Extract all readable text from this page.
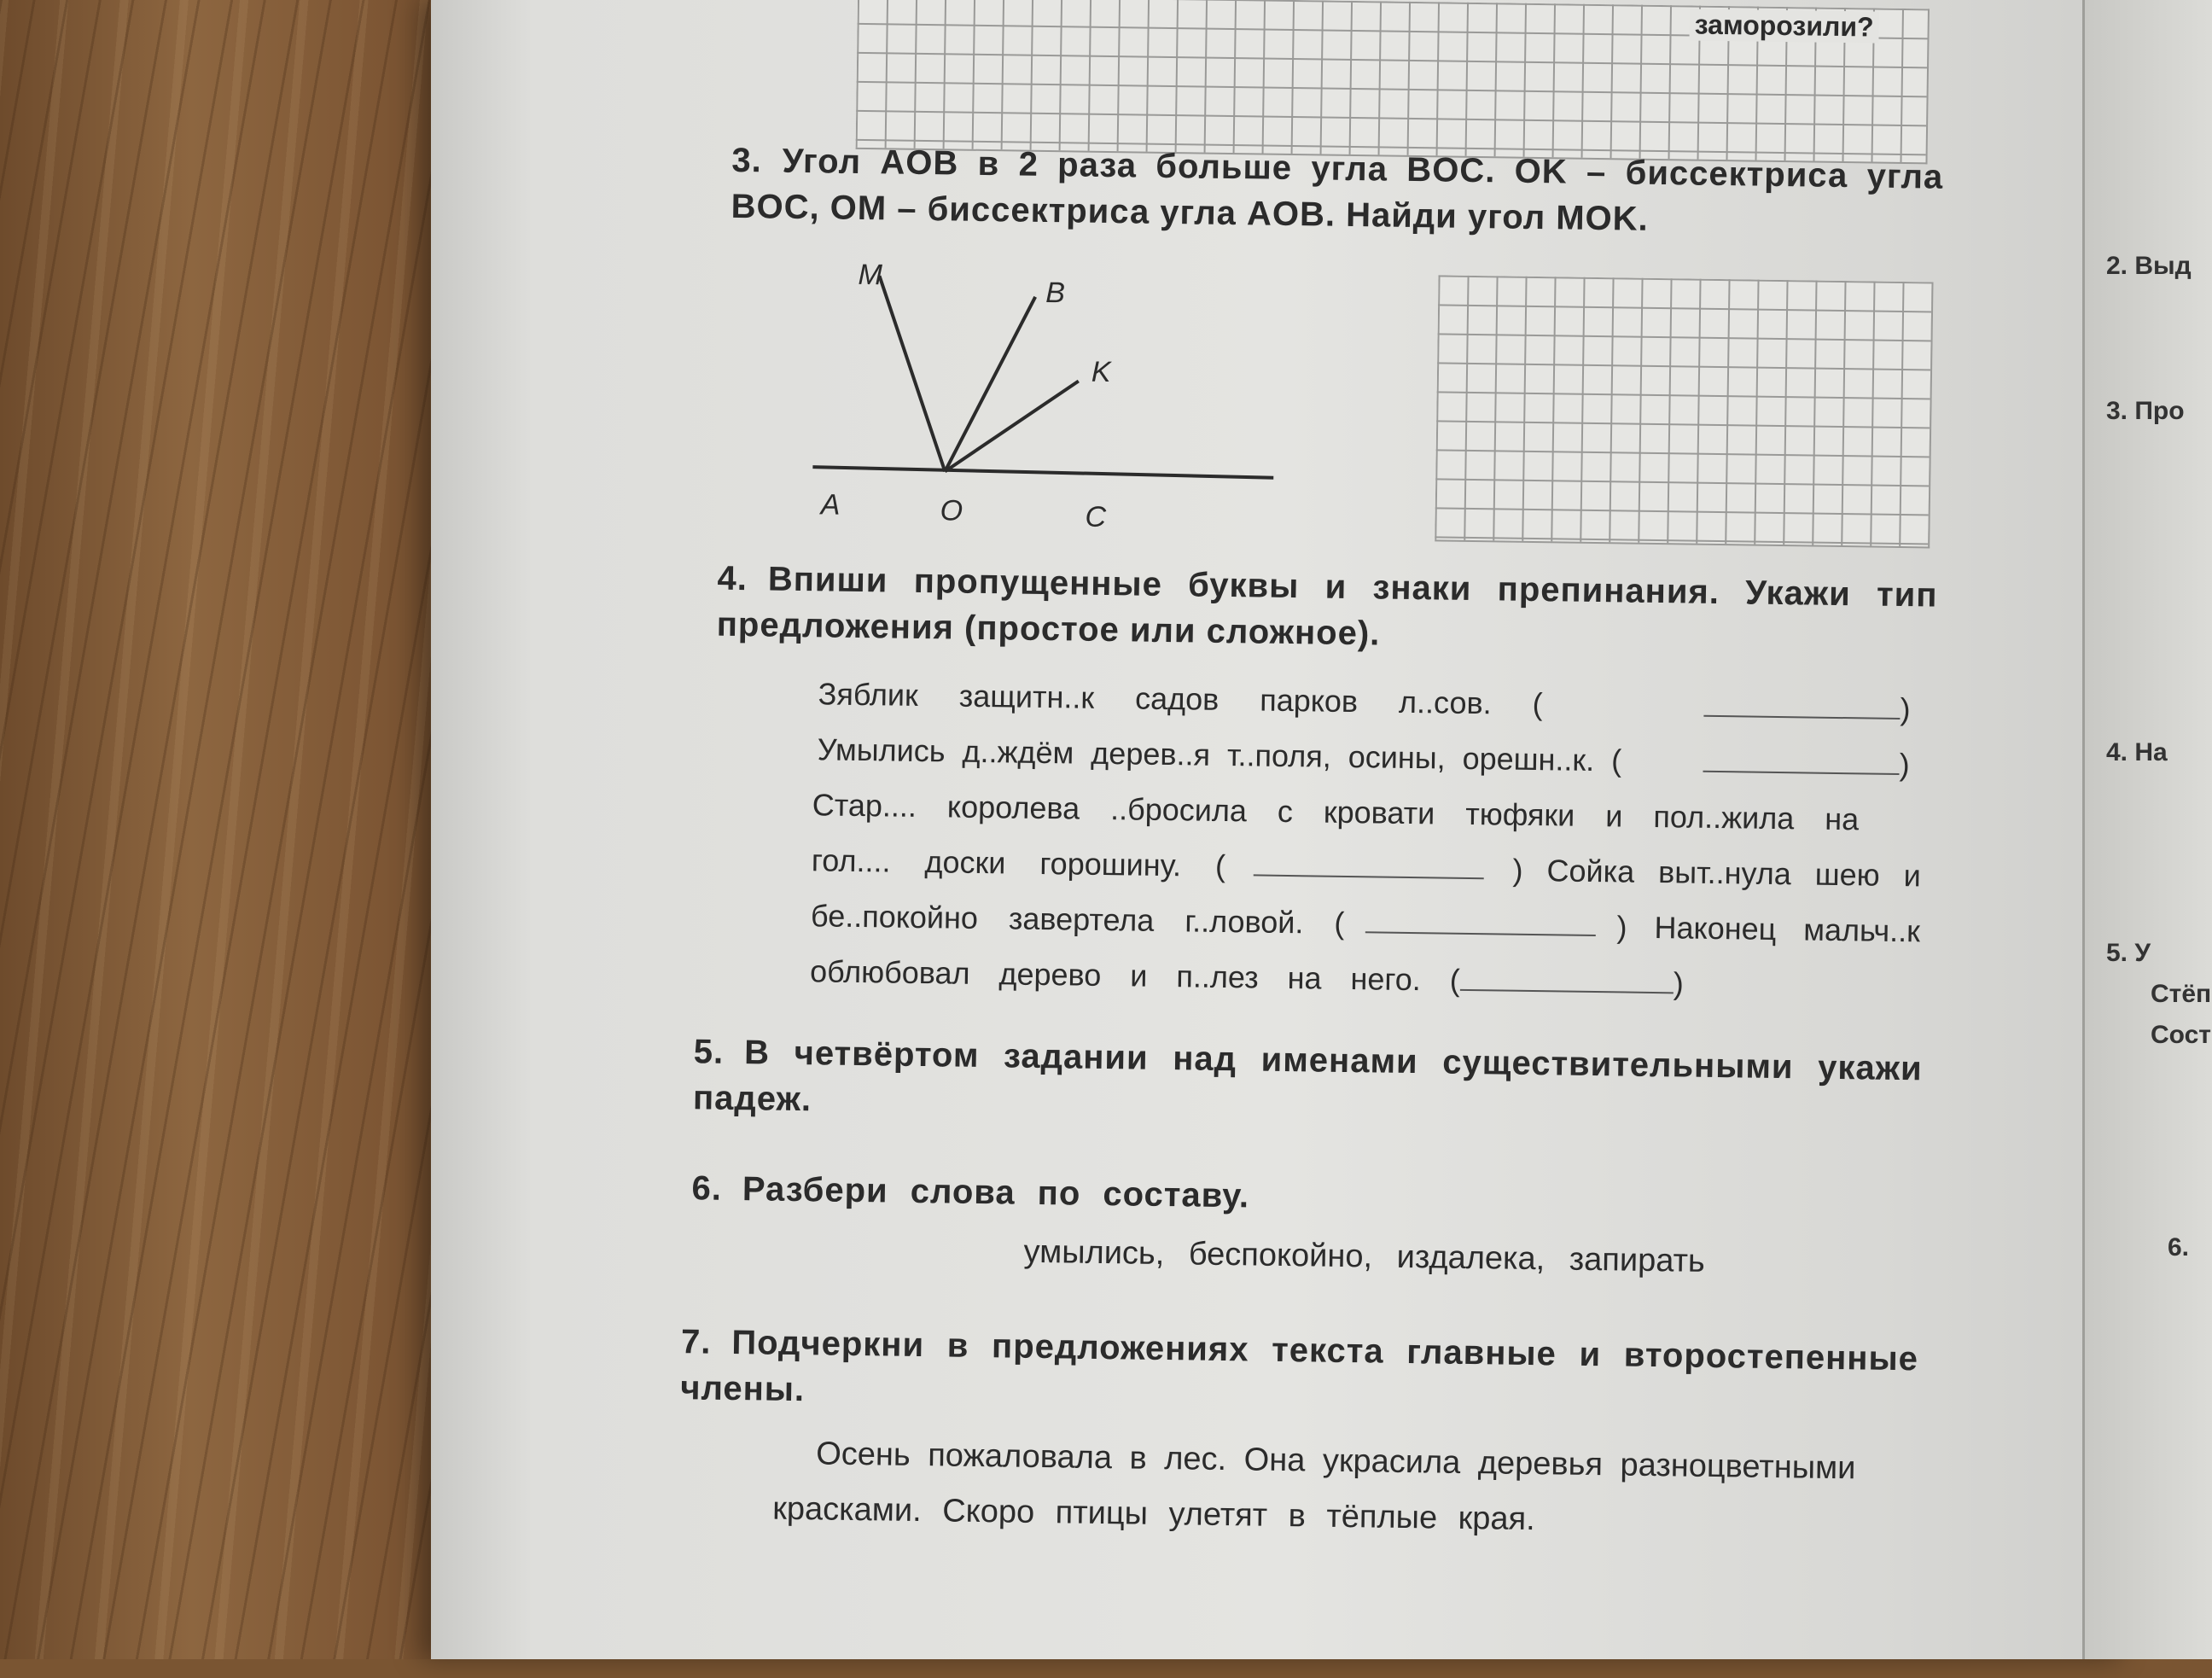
заморозили?
3. Угол AOB в 2 раза больше угла BOC. OK – биссектриса угла BOC, OM – биссектриса угла AOB. Найди угол MOK.
M
B
K
A	O	C
4. Впиши пропущенные буквы и знаки препинания. Укажи тип предложения (простое или сложное).
Зяблик защитн..к садов парков л..сов. (	)
Умылись д..ждём дерев..я т..поля, осины, орешн..к. (	)
Стар.... королева ..бросила с кровати тюфяки и пол..жила на
гол.... доски горошину. (	) Сойка выт..нула шею и
бе..покойно завертела г..ловой. (	) Наконец мальч..к
облюбовал дерево и п..лез на него. (	)
5. В четвёртом задании над именами существительными укажи падеж.
6. Разбери слова по составу.
умылись, беспокойно, издалека, запирать
7. Подчеркни в предложениях текста главные и второстепенные члены.
Осень пожаловала в лес. Она украсила деревья разноцветными
красками. Скоро птицы улетят в тёплые края.
2. Выд
3. Про
4. На
5. У
Стёп
Сост
6.
